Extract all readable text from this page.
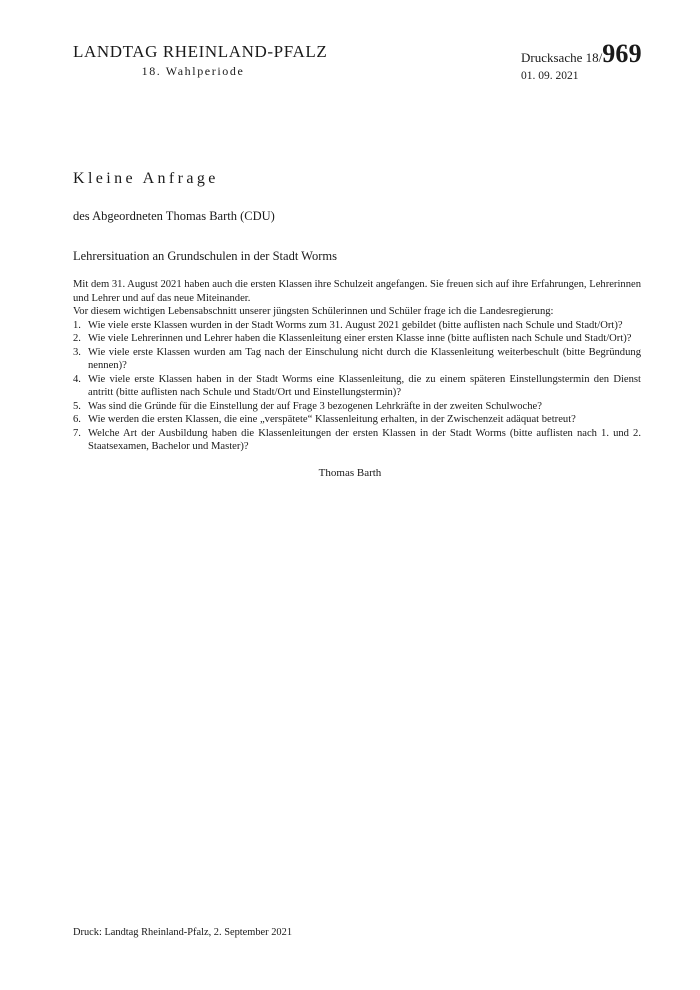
LANDTAG RHEINLAND-PFALZ
18. Wahlperiode
Drucksache 18/969
01. 09. 2021
Kleine Anfrage
des Abgeordneten Thomas Barth (CDU)
Lehrersituation an Grundschulen in der Stadt Worms

Mit dem 31. August 2021 haben auch die ersten Klassen ihre Schulzeit angefangen. Sie freuen sich auf ihre Erfahrungen, Lehrerinnen und Lehrer und auf das neue Miteinander.

Vor diesem wichtigen Lebensabschnitt unserer jüngsten Schülerinnen und Schüler frage ich die Landesregierung:

1. Wie viele erste Klassen wurden in der Stadt Worms zum 31. August 2021 gebildet (bitte auflisten nach Schule und Stadt/Ort)?
2. Wie viele Lehrerinnen und Lehrer haben die Klassenleitung einer ersten Klasse inne (bitte auflisten nach Schule und Stadt/Ort)?
3. Wie viele erste Klassen wurden am Tag nach der Einschulung nicht durch die Klassenleitung weiterbeschult (bitte Begründung nennen)?
4. Wie viele erste Klassen haben in der Stadt Worms eine Klassenleitung, die zu einem späteren Einstellungstermin den Dienst antritt (bitte auflisten nach Schule und Stadt/Ort und Einstellungstermin)?
5. Was sind die Gründe für die Einstellung der auf Frage 3 bezogenen Lehrkräfte in der zweiten Schulwoche?
6. Wie werden die ersten Klassen, die eine „verspätete“ Klassenleitung erhalten, in der Zwischenzeit adäquat betreut?
7. Welche Art der Ausbildung haben die Klassenleitungen der ersten Klassen in der Stadt Worms (bitte auflisten nach 1. und 2. Staatsexamen, Bachelor und Master)?
Thomas Barth
Druck: Landtag Rheinland-Pfalz, 2. September 2021
